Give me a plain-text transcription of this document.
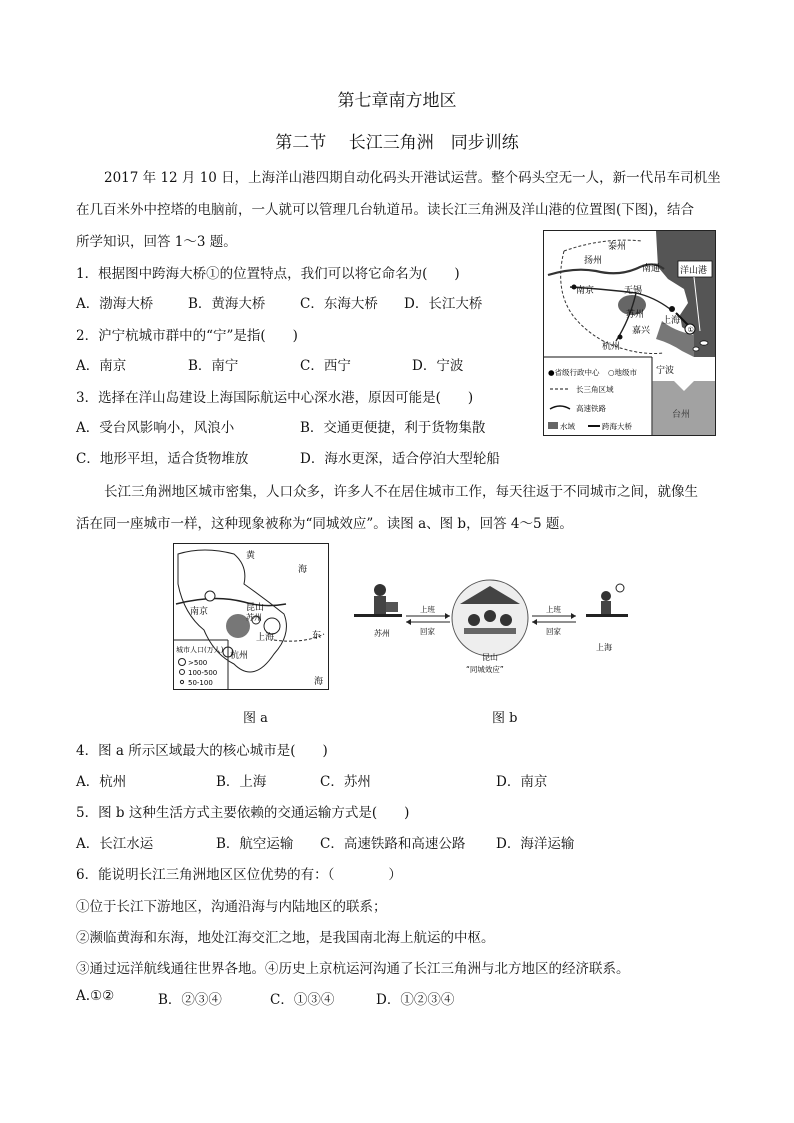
第七章南方地区
第二节　 长江三角洲　同步训练
2017 年 12 月 10 日，上海洋山港四期自动化码头开港试运营。整个码头空无一人，新一代吊车司机坐
在几百米外中控塔的电脑前，一人就可以管理几台轨道吊。读长江三角洲及洋山港的位置图(下图)，结合
所学知识，回答 1～3 题。
1．根据图中跨海大桥①的位置特点，我们可以将它命名为(　　)
A．渤海大桥	B．黄海大桥	C．东海大桥 D．长江大桥
2．沪宁杭城市群中的“宁”是指(　　)
A．南京	B．南宁	C．西宁	D．宁波
3．选择在洋山岛建设上海国际航运中心深水港，原因可能是(　　)
A．受台风影响小，风浪小	B．交通更便捷，利于货物集散
C．地形平坦，适合货物堆放	D．海水更深，适合停泊大型轮船
①
洋山港
泰州
扬州
南通
南京	无锡
苏州
上海
嘉兴
杭州
●省级行政中心 ○地级市
长三角区域
高速铁路
水域	跨海大桥
宁波
长江三角洲地区城市密集，人口众多，许多人不在居住城市工作，每天往返于不同城市之间，就像生
活在同一座城市一样，这种现象被称为“同城效应”。读图 a、图 b，回答 4～5 题。
黄
海
南京	昆山
苏州
上海	东
杭州
海
城市人口(万人)
>500
100-500
50-100
苏州
上班
回家
昆山
“同城效应”
上班
回家
上海
图 a	图 b
4．图 a 所示区域最大的核心城市是(　　)
A．杭州	B．上海	C．苏州	D．南京
5．图 b 这种生活方式主要依赖的交通运输方式是(　　)
A．长江水运	B．航空运输 C．高速铁路和高速公路 D．海洋运输
6．能说明长江三角洲地区区位优势的有：（　　　　）
①位于长江下游地区，沟通沿海与内陆地区的联系；
②濒临黄海和东海，地处江海交汇之地，是我国南北海上航运的中枢。
③通过远洋航线通往世界各地。④历史上京杭运河沟通了长江三角洲与北方地区的经济联系。
A.①②	B．②③④	C．①③④	D．①②③④
